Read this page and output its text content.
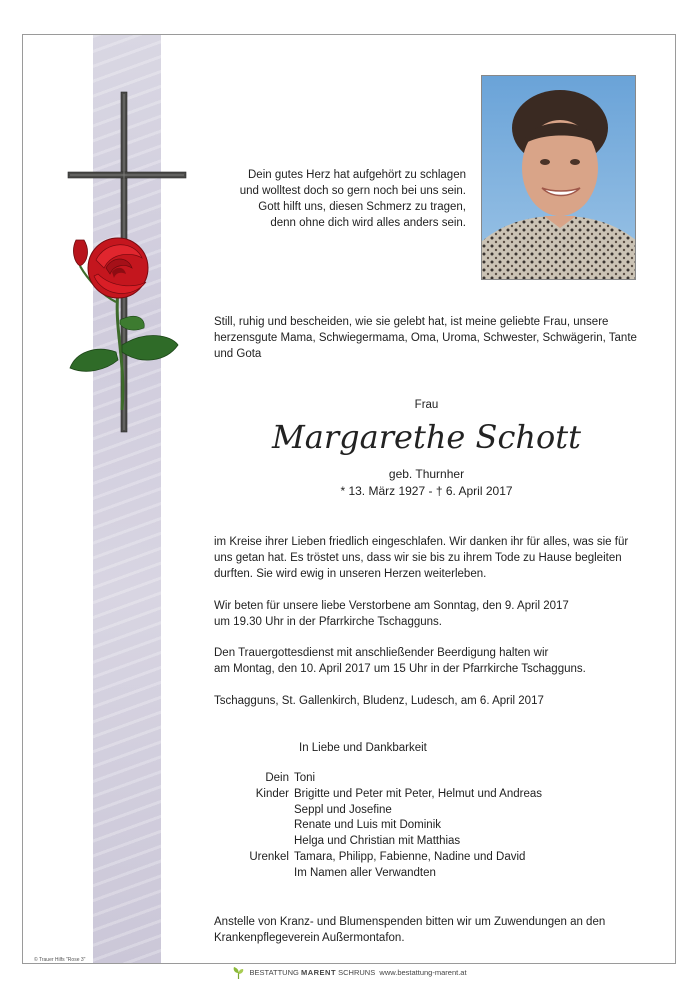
Dein gutes Herz hat aufgehört zu schlagen
und wolltest doch so gern noch bei uns sein.
Gott hilft uns, diesen Schmerz zu tragen,
denn ohne dich wird alles anders sein.
Still, ruhig und bescheiden, wie sie gelebt hat, ist meine geliebte Frau, unsere herzensgute Mama, Schwiegermama, Oma, Uroma, Schwester, Schwägerin, Tante und Gota
Frau
Margarethe Schott
geb. Thurnher
* 13. März 1927 - † 6. April 2017
im Kreise ihrer Lieben friedlich eingeschlafen. Wir danken ihr für alles, was sie für uns getan hat. Es tröstet uns, dass wir sie bis zu ihrem Tode zu Hause begleiten durften. Sie wird ewig in unseren Herzen weiterleben.
Wir beten für unsere liebe Verstorbene am Sonntag, den 9. April 2017
um 19.30 Uhr in der Pfarrkirche Tschagguns.
Den Trauergottesdienst mit anschließender Beerdigung halten wir
am Montag, den 10. April 2017 um 15 Uhr in der Pfarrkirche Tschagguns.
Tschagguns, St. Gallenkirch, Bludenz, Ludesch, am 6. April 2017
In Liebe und Dankbarkeit
Dein Toni
Kinder Brigitte und Peter mit Peter, Helmut und Andreas
Seppl und Josefine
Renate und Luis mit Dominik
Helga und Christian mit Matthias
Urenkel Tamara, Philipp, Fabienne, Nadine und David
Im Namen aller Verwandten
Anstelle von Kranz- und Blumenspenden bitten wir um Zuwendungen an den Krankenpflegeverein Außermontafon.
© Trauer Hilfs "Rose 3"
BESTATTUNG MARENT SCHRUNS www.bestattung-marent.at
